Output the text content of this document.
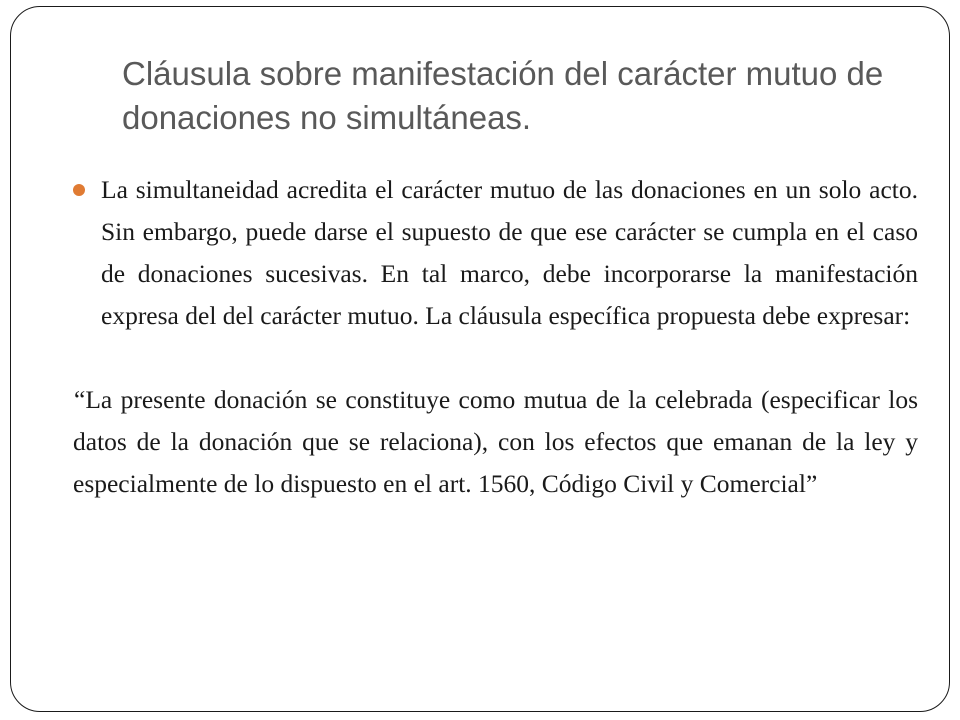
Cláusula sobre manifestación del carácter mutuo de donaciones no simultáneas.

La simultaneidad acredita el carácter mutuo de las donaciones en un solo acto. Sin embargo, puede darse el supuesto de que ese carácter se cumpla en el caso de donaciones sucesivas. En tal marco, debe incorporarse la manifestación expresa del del carácter mutuo. La cláusula específica propuesta debe expresar:

“La presente donación se constituye como mutua de la celebrada (especificar los datos de la donación que se relaciona), con los efectos que emanan de la ley y especialmente de lo dispuesto en el art. 1560, Código Civil y Comercial”
